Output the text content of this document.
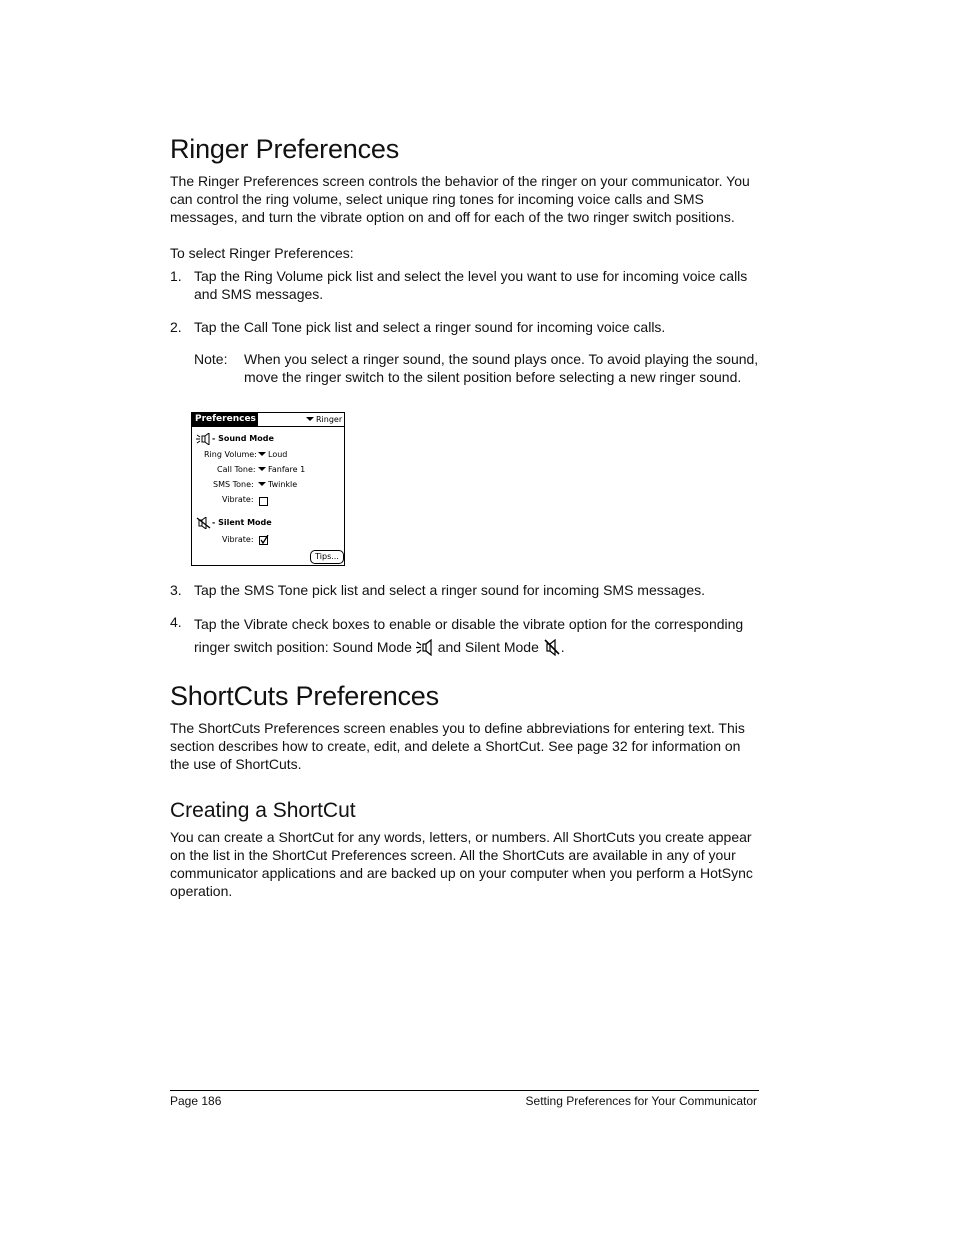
Ringer Preferences

The Ringer Preferences screen controls the behavior of the ringer on your communicator. You can control the ring volume, select unique ring tones for incoming voice calls and SMS messages, and turn the vibrate option on and off for each of the two ringer switch positions.

To select Ringer Preferences:
1. Tap the Ring Volume pick list and select the level you want to use for incoming voice calls and SMS messages.
2. Tap the Call Tone pick list and select a ringer sound for incoming voice calls.
Note: When you select a ringer sound, the sound plays once. To avoid playing the sound, move the ringer switch to the silent position before selecting a new ringer sound.
Preferences	Ringer
- Sound Mode
Ring Volume:	Loud
Call Tone:	Fanfare 1
SMS Tone:	Twinkle
Vibrate:
- Silent Mode
Vibrate:
Tips...
3. Tap the SMS Tone pick list and select a ringer sound for incoming SMS messages.
4. Tap the Vibrate check boxes to enable or disable the vibrate option for the corresponding ringer switch position: Sound Mode and Silent Mode .
ShortCuts Preferences

The ShortCuts Preferences screen enables you to define abbreviations for entering text. This section describes how to create, edit, and delete a ShortCut. See page 32 for information on the use of ShortCuts.

Creating a ShortCut

You can create a ShortCut for any words, letters, or numbers. All ShortCuts you create appear on the list in the ShortCut Preferences screen. All the ShortCuts are available in any of your communicator applications and are backed up on your computer when you perform a HotSync operation.

Page 186	Setting Preferences for Your Communicator
